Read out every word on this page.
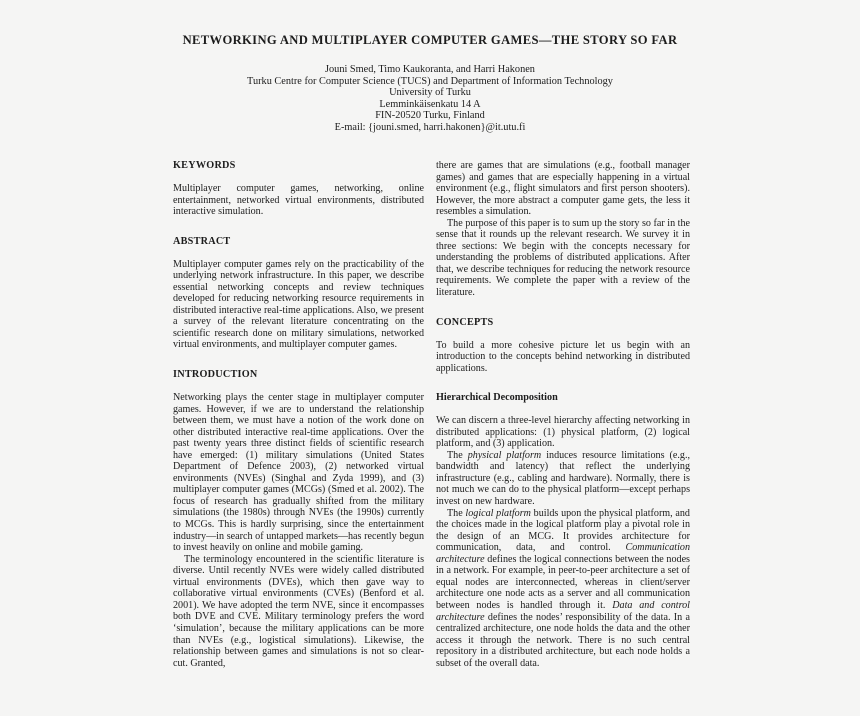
NETWORKING AND MULTIPLAYER COMPUTER GAMES—THE STORY SO FAR
Jouni Smed, Timo Kaukoranta, and Harri Hakonen
Turku Centre for Computer Science (TUCS) and Department of Information Technology
University of Turku
Lemminkäisenkatu 14 A
FIN-20520 Turku, Finland
E-mail: {jouni.smed, harri.hakonen}@it.utu.fi
KEYWORDS

Multiplayer computer games, networking, online entertainment, networked virtual environments, distributed interactive simulation.

ABSTRACT

Multiplayer computer games rely on the practicability of the underlying network infrastructure. In this paper, we describe essential networking concepts and review techniques developed for reducing networking resource requirements in distributed interactive real-time applications. Also, we present a survey of the relevant literature concentrating on the scientific research done on military simulations, networked virtual environments, and multiplayer computer games.

INTRODUCTION

Networking plays the center stage in multiplayer computer games. However, if we are to understand the relationship between them, we must have a notion of the work done on other distributed interactive real-time applications. Over the past twenty years three distinct fields of scientific research have emerged: (1) military simulations (United States Department of Defence 2003), (2) networked virtual environments (NVEs) (Singhal and Zyda 1999), and (3) multiplayer computer games (MCGs) (Smed et al. 2002). The focus of research has gradually shifted from the military simulations (the 1980s) through NVEs (the 1990s) currently to MCGs. This is hardly surprising, since the entertainment industry—in search of untapped markets—has recently begun to invest heavily on online and mobile gaming.

The terminology encountered in the scientific literature is diverse. Until recently NVEs were widely called distributed virtual environments (DVEs), which then gave way to collaborative virtual environments (CVEs) (Benford et al. 2001). We have adopted the term NVE, since it encompasses both DVE and CVE. Military terminology prefers the word ‘simulation’, because the military applications can be more than NVEs (e.g., logistical simulations). Likewise, the relationship between games and simulations is not so clear-cut. Granted,

there are games that are simulations (e.g., football manager games) and games that are especially happening in a virtual environment (e.g., flight simulators and first person shooters). However, the more abstract a computer game gets, the less it resembles a simulation.

The purpose of this paper is to sum up the story so far in the sense that it rounds up the relevant research. We survey it in three sections: We begin with the concepts necessary for understanding the problems of distributed applications. After that, we describe techniques for reducing the network resource requirements. We complete the paper with a review of the literature.

CONCEPTS

To build a more cohesive picture let us begin with an introduction to the concepts behind networking in distributed applications.

Hierarchical Decomposition

We can discern a three-level hierarchy affecting networking in distributed applications: (1) physical platform, (2) logical platform, and (3) application.

The physical platform induces resource limitations (e.g., bandwidth and latency) that reflect the underlying infrastructure (e.g., cabling and hardware). Normally, there is not much we can do to the physical platform—except perhaps invest on new hardware.

The logical platform builds upon the physical platform, and the choices made in the logical platform play a pivotal role in the design of an MCG. It provides architecture for communication, data, and control. Communication architecture defines the logical connections between the nodes in a network. For example, in peer-to-peer architecture a set of equal nodes are interconnected, whereas in client/server architecture one node acts as a server and all communication between nodes is handled through it. Data and control architecture defines the nodes’ responsibility of the data. In a centralized architecture, one node holds the data and the other access it through the network. There is no such central repository in a distributed architecture, but each node holds a subset of the overall data.
